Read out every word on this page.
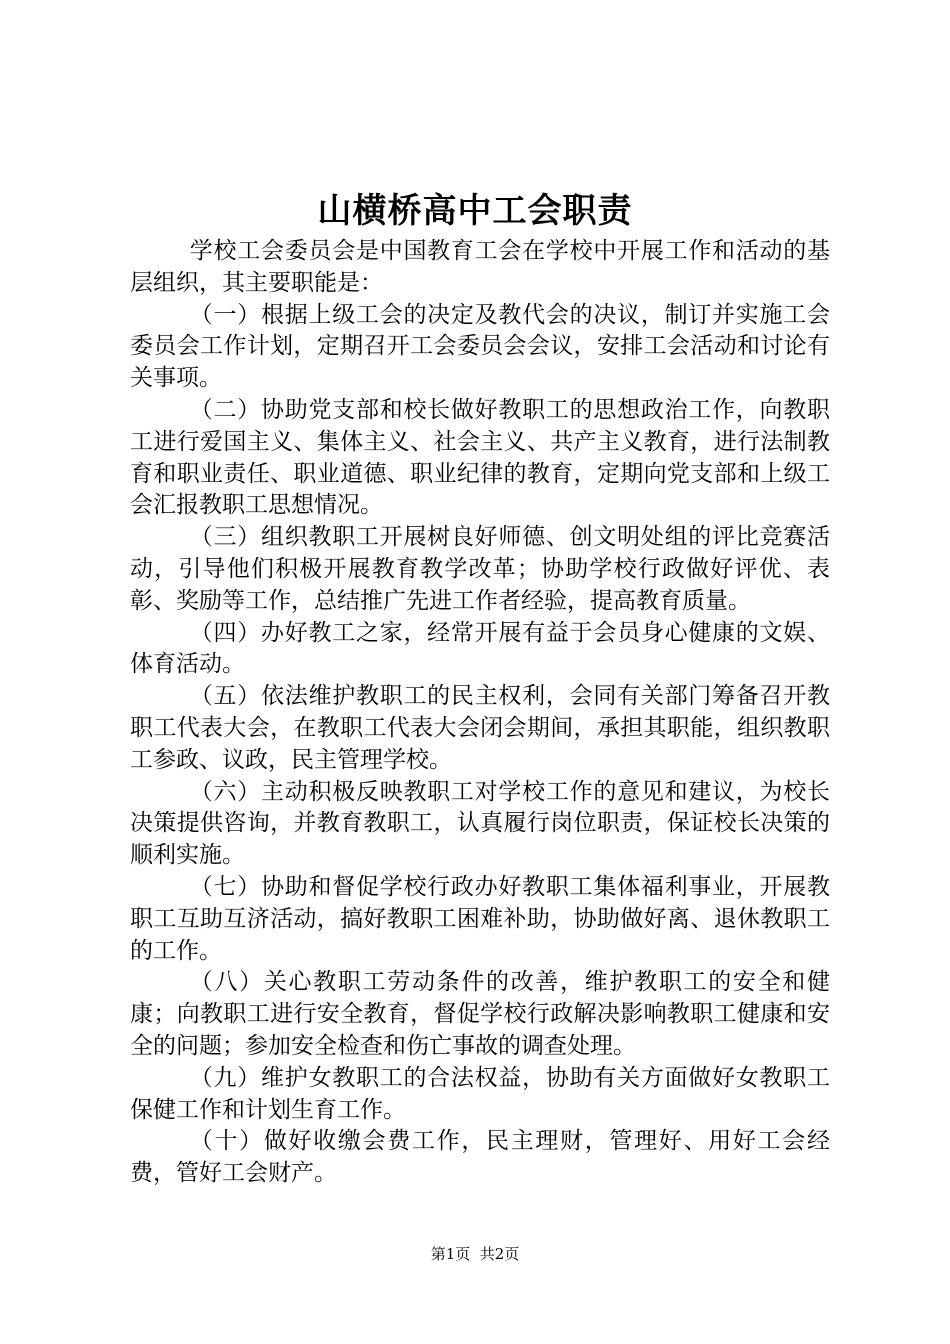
山横桥高中工会职责

学校工会委员会是中国教育工会在学校中开展工作和活动的基层组织，其主要职能是：

（一）根据上级工会的决定及教代会的决议，制订并实施工会委员会工作计划，定期召开工会委员会会议，安排工会活动和讨论有关事项。

（二）协助党支部和校长做好教职工的思想政治工作，向教职工进行爱国主义、集体主义、社会主义、共产主义教育，进行法制教育和职业责任、职业道德、职业纪律的教育，定期向党支部和上级工会汇报教职工思想情况。

（三）组织教职工开展树良好师德、创文明处组的评比竞赛活动，引导他们积极开展教育教学改革；协助学校行政做好评优、表彰、奖励等工作，总结推广先进工作者经验，提高教育质量。

（四）办好教工之家，经常开展有益于会员身心健康的文娱、体育活动。

（五）依法维护教职工的民主权利，会同有关部门筹备召开教职工代表大会，在教职工代表大会闭会期间，承担其职能，组织教职工参政、议政，民主管理学校。

（六）主动积极反映教职工对学校工作的意见和建议，为校长决策提供咨询，并教育教职工，认真履行岗位职责，保证校长决策的顺利实施。

（七）协助和督促学校行政办好教职工集体福利事业，开展教职工互助互济活动，搞好教职工困难补助，协助做好离、退休教职工的工作。

（八）关心教职工劳动条件的改善，维护教职工的安全和健康；向教职工进行安全教育，督促学校行政解决影响教职工健康和安全的问题；参加安全检查和伤亡事故的调查处理。

（九）维护女教职工的合法权益，协助有关方面做好女教职工保健工作和计划生育工作。

（十）做好收缴会费工作，民主理财，管理好、用好工会经费，管好工会财产。

第1页  共2页
